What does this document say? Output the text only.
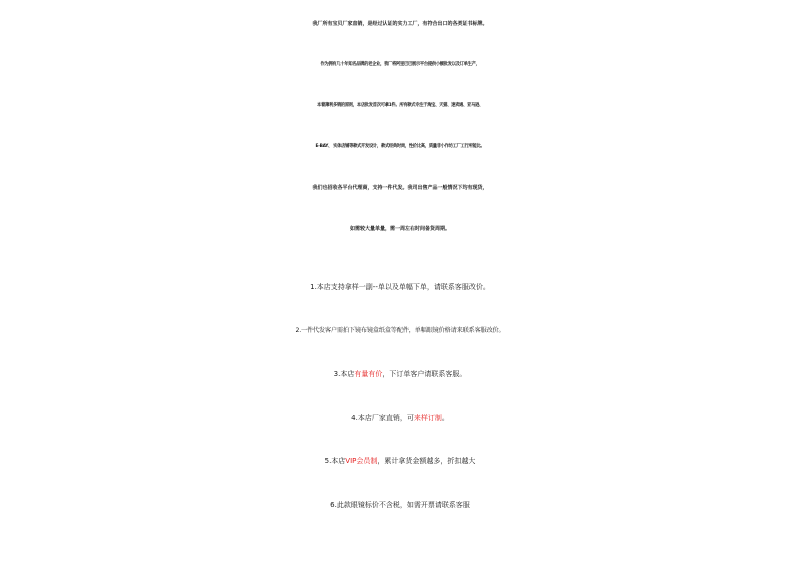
我厂所有宝贝厂家直销，是经过认证的实力工厂，有符合出口的各类证书标牌。
作为拥有几十年知名品牌的老企业，我厂将阿里巴巴展示平台提供小额批发以及订单生产，
本着薄利多销的原则，本店批发首次可拿1件。所有款式专注于淘宝、天猫、速卖通、亚马逊、
E-BAY、 实体店铺等款式开发设计，款式经典时尚，性价比高，质量非小作坊工厂工行所能比。
我们也招收各平台代理商，支持一件代发。我司出售产品一般情况下均有现货，
如需较大量单量，需一周左右时间备货周期。
1.本店支持拿样一副--单以及单幅下单，请联系客服改价。
2.一件代发客户需拍下镜布镜盒纸盒等配件，单幅眼镜价格请来联系客服改价。
3.本店有量有价，下订单客户请联系客服。
4.本店厂家直销，可来样订制。
5.本店VIP会员制，累计拿货金额越多，折扣越大
6.此款眼镜标价不含税，如需开票请联系客服
